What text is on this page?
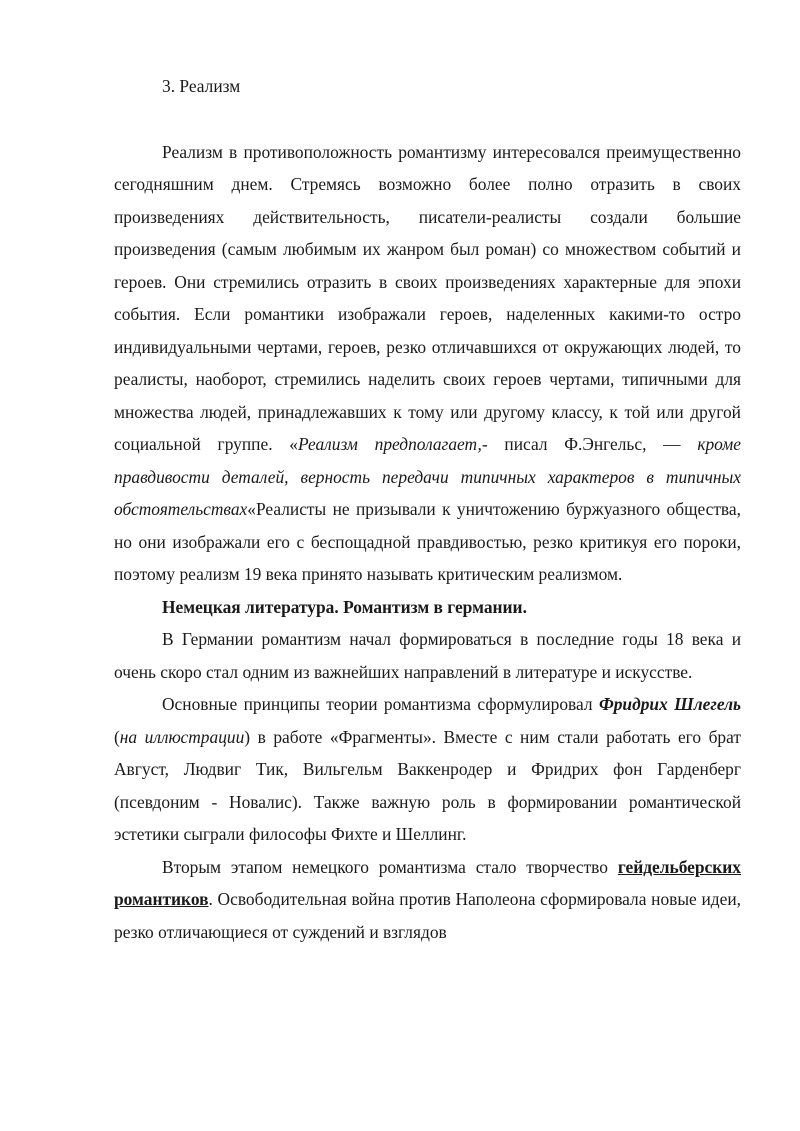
3. Реализм

Реализм в противоположность романтизму интересовался преимущественно сегодняшним днем. Стремясь возможно более полно отразить в своих произведениях действительность, писатели-реалисты создали большие произведения (самым любимым их жанром был роман) со множеством событий и героев. Они стремились отразить в своих произведениях характерные для эпохи события. Если романтики изображали героев, наделенных какими-то остро индивидуальными чертами, героев, резко отличавшихся от окружающих людей, то реалисты, наоборот, стремились наделить своих героев чертами, типичными для множества людей, принадлежавших к тому или другому классу, к той или другой социальной группе. «Реализм предполагает,- писал Ф.Энгельс, — кроме правдивости деталей, верность передачи типичных характеров в типичных обстоятельствах«Реалисты не призывали к уничтожению буржуазного общества, но они изображали его с беспощадной правдивостью, резко критикуя его пороки, поэтому реализм 19 века принято называть критическим реализмом.

Немецкая литература. Романтизм в германии.

В Германии романтизм начал формироваться в последние годы 18 века и очень скоро стал одним из важнейших направлений в литературе и искусстве.

Основные принципы теории романтизма сформулировал Фридрих Шлегель (на иллюстрации) в работе «Фрагменты». Вместе с ним стали работать его брат Август, Людвиг Тик, Вильгельм Ваккенродер и Фридрих фон Гарденберг (псевдоним - Новалис). Также важную роль в формировании романтической эстетики сыграли философы Фихте и Шеллинг.

Вторым этапом немецкого романтизма стало творчество гейдельберских романтиков. Освободительная война против Наполеона сформировала новые идеи, резко отличающиеся от суждений и взглядов
